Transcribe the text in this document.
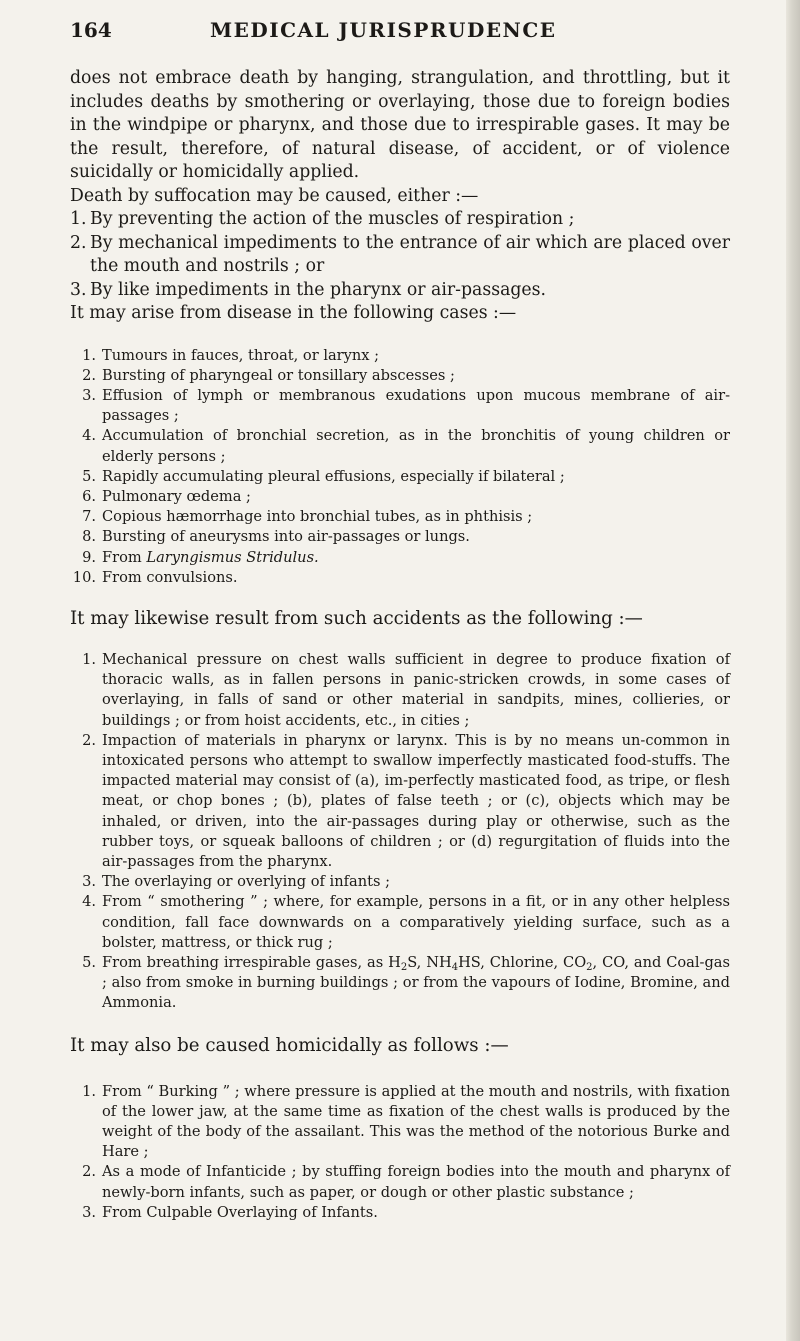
164	MEDICAL JURISPRUDENCE

does not embrace death by hanging, strangulation, and throttling, but it includes deaths by smothering or overlaying, those due to foreign bodies in the windpipe or pharynx, and those due to irrespirable gases. It may be the result, therefore, of natural disease, of accident, or of violence suicidally or homicidally applied.

Death by suffocation may be caused, either :—

1. By preventing the action of the muscles of respiration ;
2. By mechanical impediments to the entrance of air which are placed over the mouth and nostrils ; or
3. By like impediments in the pharynx or air-passages.

It may arise from disease in the following cases :—

1. Tumours in fauces, throat, or larynx ;
2. Bursting of pharyngeal or tonsillary abscesses ;
3. Effusion of lymph or membranous exudations upon mucous membrane of air-passages ;
4. Accumulation of bronchial secretion, as in the bronchitis of young children or elderly persons ;
5. Rapidly accumulating pleural effusions, especially if bilateral ;
6. Pulmonary œdema ;
7. Copious hæmorrhage into bronchial tubes, as in phthisis ;
8. Bursting of aneurysms into air-passages or lungs.
9. From Laryngismus Stridulus.
10. From convulsions.

It may likewise result from such accidents as the following :—

1. Mechanical pressure on chest walls sufficient in degree to produce fixation of thoracic walls, as in fallen persons in panic-stricken crowds, in some cases of overlaying, in falls of sand or other material in sandpits, mines, collieries, or buildings ; or from hoist accidents, etc., in cities ;
2. Impaction of materials in pharynx or larynx. This is by no means un-common in intoxicated persons who attempt to swallow imperfectly masticated food-stuffs. The impacted material may consist of (a), im-perfectly masticated food, as tripe, or flesh meat, or chop bones ; (b), plates of false teeth ; or (c), objects which may be inhaled, or driven, into the air-passages during play or otherwise, such as the rubber toys, or squeak balloons of children ; or (d) regurgitation of fluids into the air-passages from the pharynx.
3. The overlaying or overlying of infants ;
4. From “ smothering ” ; where, for example, persons in a fit, or in any other helpless condition, fall face downwards on a comparatively yielding surface, such as a bolster, mattress, or thick rug ;
5. From breathing irrespirable gases, as $H_2S$, $NH_4HS$, Chlorine, $CO_2$, CO, and Coal-gas ; also from smoke in burning buildings ; or from the vapours of Iodine, Bromine, and Ammonia.

It may also be caused homicidally as follows :—

1. From “ Burking ” ; where pressure is applied at the mouth and nostrils, with fixation of the lower jaw, at the same time as fixation of the chest walls is produced by the weight of the body of the assailant. This was the method of the notorious Burke and Hare ;
2. As a mode of Infanticide ; by stuffing foreign bodies into the mouth and pharynx of newly-born infants, such as paper, or dough or other plastic substance ;
3. From Culpable Overlaying of Infants.
